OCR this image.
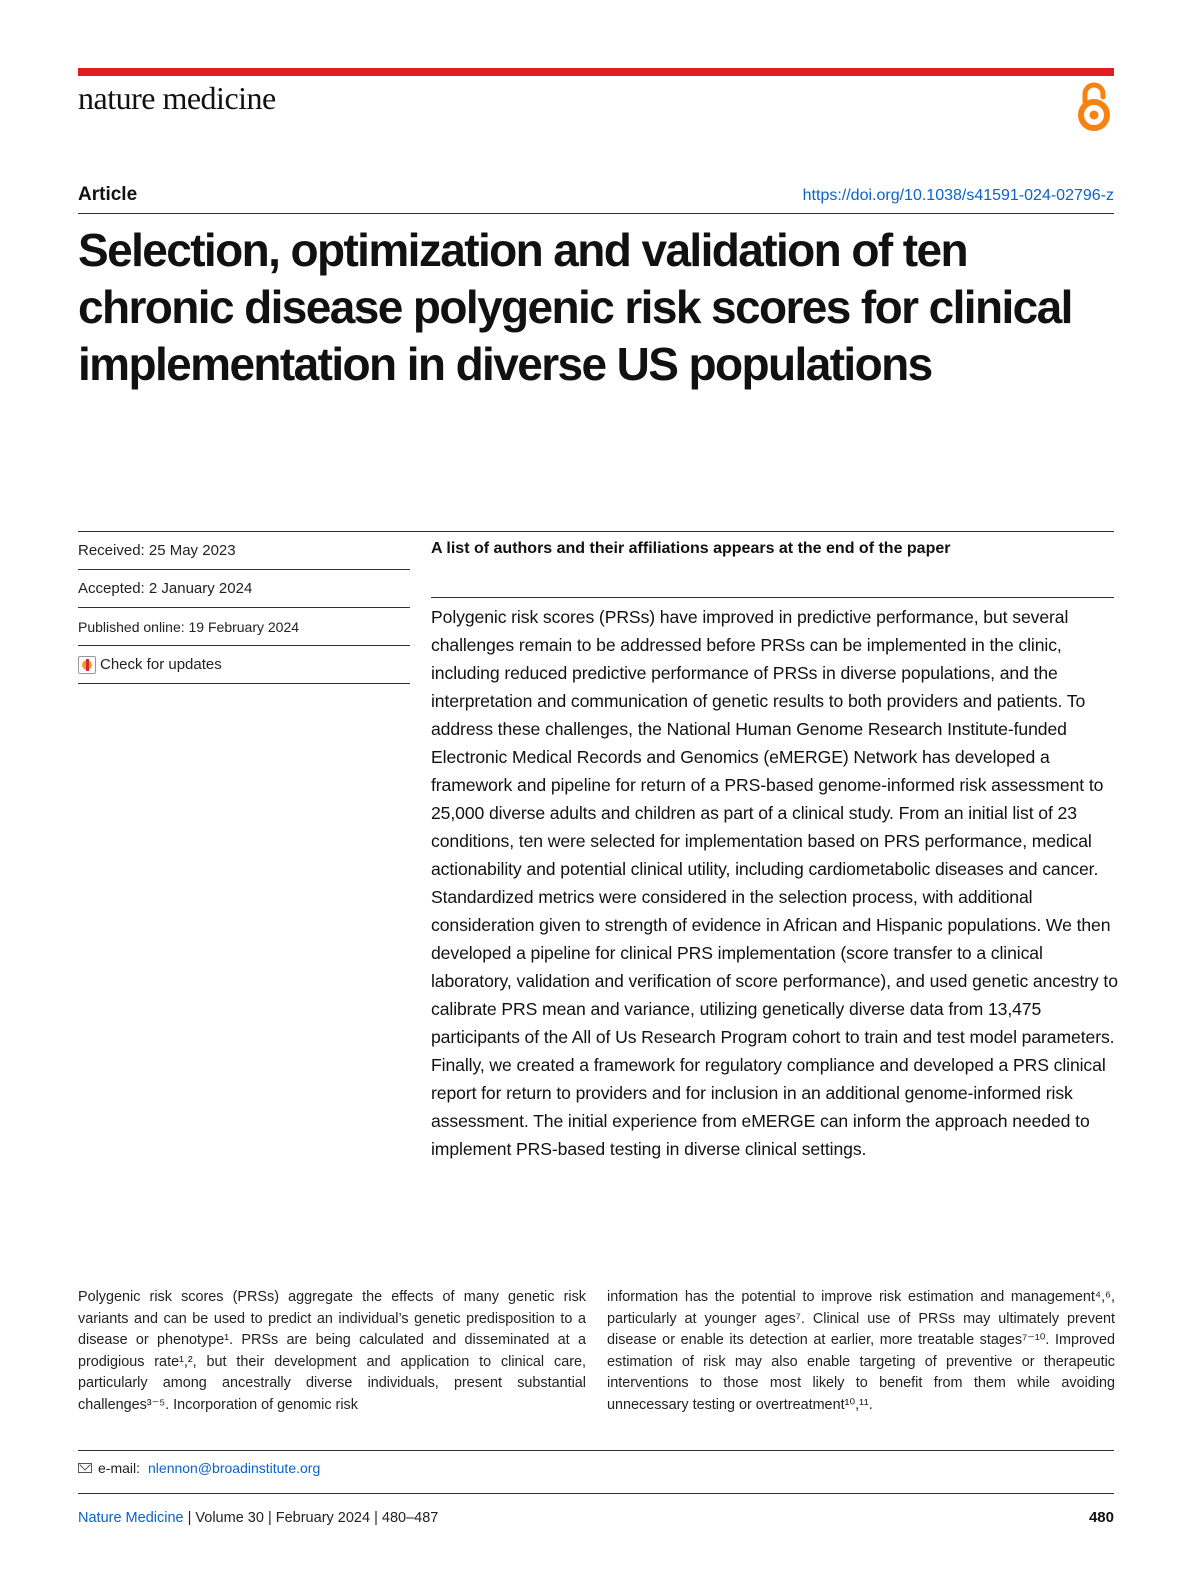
nature medicine
Article	https://doi.org/10.1038/s41591-024-02796-z
Selection, optimization and validation of ten chronic disease polygenic risk scores for clinical implementation in diverse US populations
Received: 25 May 2023
Accepted: 2 January 2024
Published online: 19 February 2024
Check for updates
A list of authors and their affiliations appears at the end of the paper

Polygenic risk scores (PRSs) have improved in predictive performance, but several challenges remain to be addressed before PRSs can be implemented in the clinic, including reduced predictive performance of PRSs in diverse populations, and the interpretation and communication of genetic results to both providers and patients. To address these challenges, the National Human Genome Research Institute-funded Electronic Medical Records and Genomics (eMERGE) Network has developed a framework and pipeline for return of a PRS-based genome-informed risk assessment to 25,000 diverse adults and children as part of a clinical study. From an initial list of 23 conditions, ten were selected for implementation based on PRS performance, medical actionability and potential clinical utility, including cardiometabolic diseases and cancer. Standardized metrics were considered in the selection process, with additional consideration given to strength of evidence in African and Hispanic populations. We then developed a pipeline for clinical PRS implementation (score transfer to a clinical laboratory, validation and verification of score performance), and used genetic ancestry to calibrate PRS mean and variance, utilizing genetically diverse data from 13,475 participants of the All of Us Research Program cohort to train and test model parameters. Finally, we created a framework for regulatory compliance and developed a PRS clinical report for return to providers and for inclusion in an additional genome-informed risk assessment. The initial experience from eMERGE can inform the approach needed to implement PRS-based testing in diverse clinical settings.

Polygenic risk scores (PRSs) aggregate the effects of many genetic risk variants and can be used to predict an individual’s genetic predisposition to a disease or phenotype¹. PRSs are being calculated and disseminated at a prodigious rate¹,², but their development and application to clinical care, particularly among ancestrally diverse individuals, present substantial challenges³⁻⁵. Incorporation of genomic risk

information has the potential to improve risk estimation and management⁴,⁶, particularly at younger ages⁷. Clinical use of PRSs may ultimately prevent disease or enable its detection at earlier, more treatable stages⁷⁻¹⁰. Improved estimation of risk may also enable targeting of preventive or therapeutic interventions to those most likely to benefit from them while avoiding unnecessary testing or overtreatment¹⁰,¹¹.

e-mail: nlennon@broadinstitute.org
Nature Medicine | Volume 30 | February 2024 | 480–487	480
